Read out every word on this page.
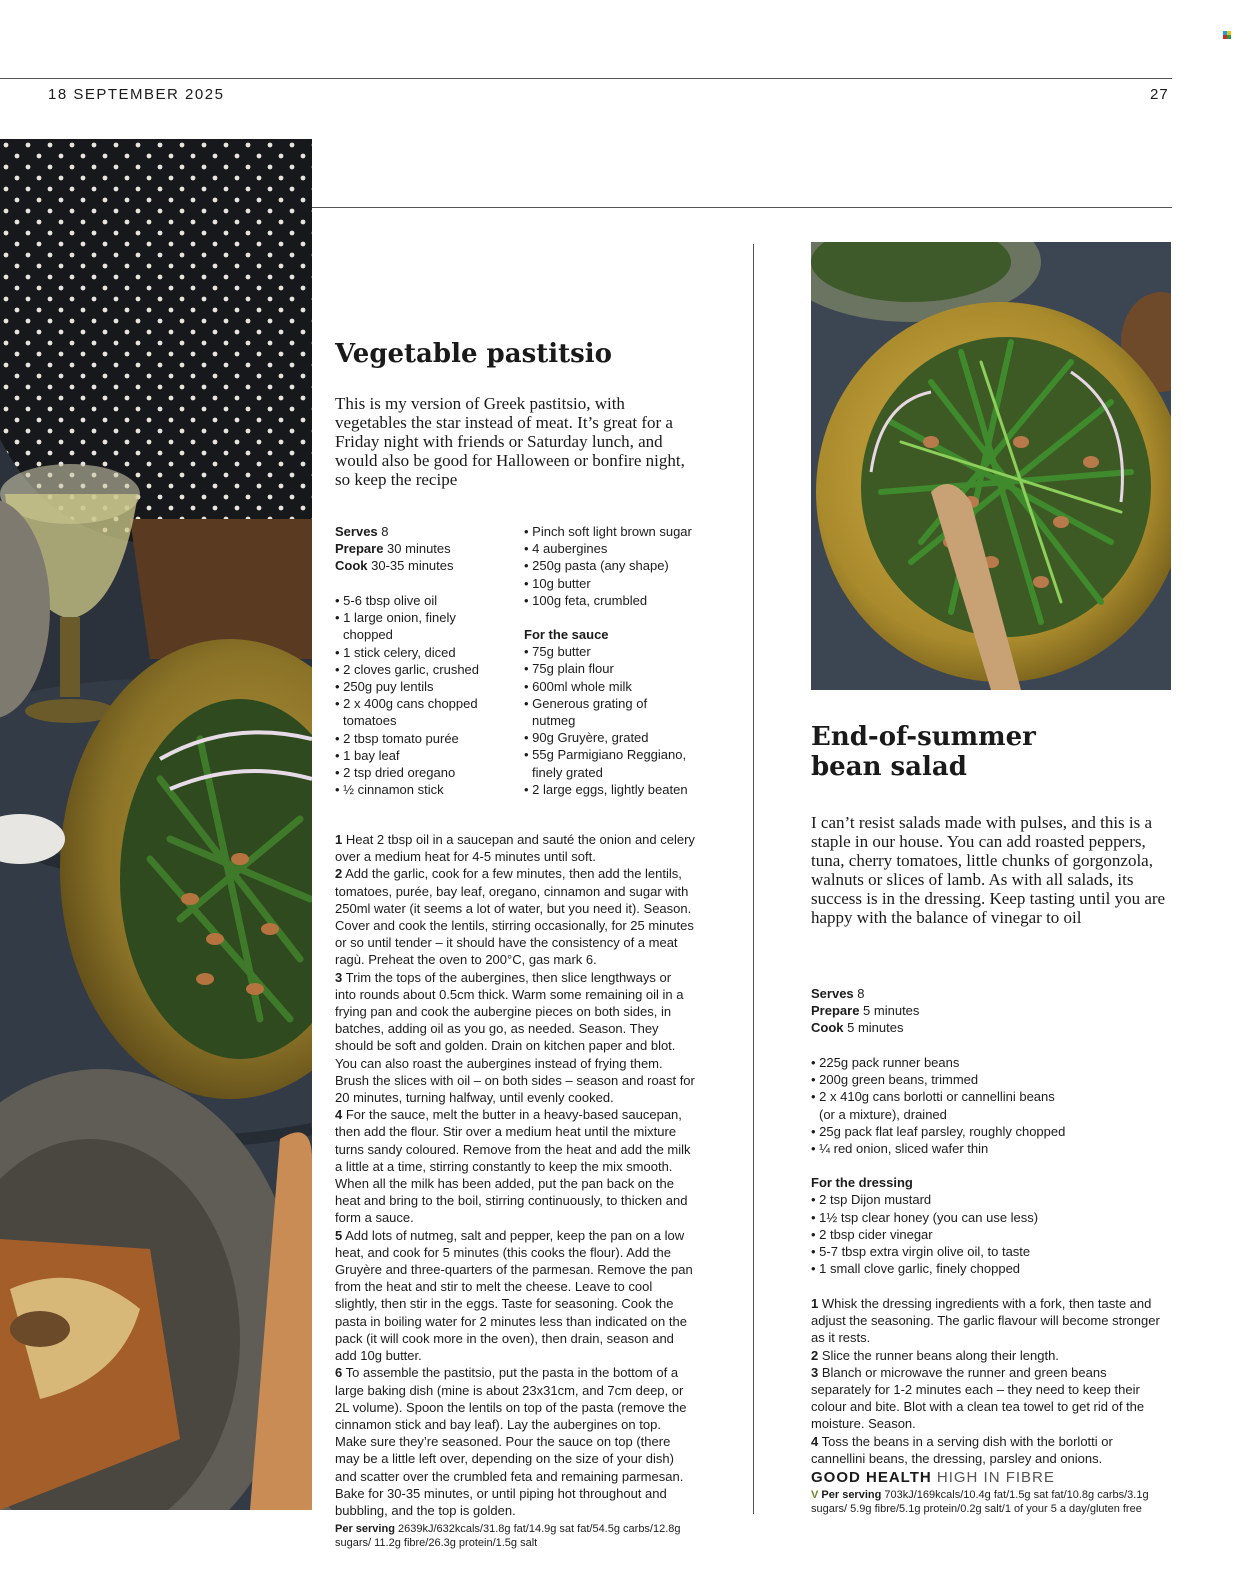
18 SEPTEMBER 2025	27
Vegetable pastitsio
This is my version of Greek pastitsio, with vegetables the star instead of meat. It’s great for a Friday night with friends or Saturday lunch, and would also be good for Halloween or bonfire night, so keep the recipe
Serves 8
Prepare 30 minutes
Cook 30-35 minutes
• 5-6 tbsp olive oil
• 1 large onion, finely chopped
• 1 stick celery, diced
• 2 cloves garlic, crushed
• 250g puy lentils
• 2 x 400g cans chopped tomatoes
• 2 tbsp tomato purée
• 1 bay leaf
• 2 tsp dried oregano
• ½ cinnamon stick
• Pinch soft light brown sugar
• 4 aubergines
• 250g pasta (any shape)
• 10g butter
• 100g feta, crumbled
For the sauce
• 75g butter
• 75g plain flour
• 600ml whole milk
• Generous grating of nutmeg
• 90g Gruyère, grated
• 55g Parmigiano Reggiano, finely grated
• 2 large eggs, lightly beaten
1 Heat 2 tbsp oil in a saucepan and sauté the onion and celery over a medium heat for 4-5 minutes until soft.
2 Add the garlic, cook for a few minutes, then add the lentils, tomatoes, purée, bay leaf, oregano, cinnamon and sugar with 250ml water (it seems a lot of water, but you need it). Season. Cover and cook the lentils, stirring occasionally, for 25 minutes or so until tender – it should have the consistency of a meat ragù. Preheat the oven to 200°C, gas mark 6.
3 Trim the tops of the aubergines, then slice lengthways or into rounds about 0.5cm thick. Warm some remaining oil in a frying pan and cook the aubergine pieces on both sides, in batches, adding oil as you go, as needed. Season. They should be soft and golden. Drain on kitchen paper and blot. You can also roast the aubergines instead of frying them. Brush the slices with oil – on both sides – season and roast for 20 minutes, turning halfway, until evenly cooked.
4 For the sauce, melt the butter in a heavy-based saucepan, then add the flour. Stir over a medium heat until the mixture turns sandy coloured. Remove from the heat and add the milk a little at a time, stirring constantly to keep the mix smooth. When all the milk has been added, put the pan back on the heat and bring to the boil, stirring continuously, to thicken and form a sauce.
5 Add lots of nutmeg, salt and pepper, keep the pan on a low heat, and cook for 5 minutes (this cooks the flour). Add the Gruyère and three-quarters of the parmesan. Remove the pan from the heat and stir to melt the cheese. Leave to cool slightly, then stir in the eggs. Taste for seasoning. Cook the pasta in boiling water for 2 minutes less than indicated on the pack (it will cook more in the oven), then drain, season and add 10g butter.
6 To assemble the pastitsio, put the pasta in the bottom of a large baking dish (mine is about 23x31cm, and 7cm deep, or 2L volume). Spoon the lentils on top of the pasta (remove the cinnamon stick and bay leaf). Lay the aubergines on top. Make sure they’re seasoned. Pour the sauce on top (there may be a little left over, depending on the size of your dish) and scatter over the crumbled feta and remaining parmesan. Bake for 30-35 minutes, or until piping hot throughout and bubbling, and the top is golden.
Per serving 2639kJ/632kcals/31.8g fat/14.9g sat fat/54.5g carbs/12.8g sugars/ 11.2g fibre/26.3g protein/1.5g salt
End-of-summer
bean salad
I can’t resist salads made with pulses, and this is a staple in our house. You can add roasted peppers, tuna, cherry tomatoes, little chunks of gorgonzola, walnuts or slices of lamb. As with all salads, its success is in the dressing. Keep tasting until you are happy with the balance of vinegar to oil
Serves 8
Prepare 5 minutes
Cook 5 minutes
• 225g pack runner beans
• 200g green beans, trimmed
• 2 x 410g cans borlotti or cannellini beans (or a mixture), drained
• 25g pack flat leaf parsley, roughly chopped
• ¼ red onion, sliced wafer thin
For the dressing
• 2 tsp Dijon mustard
• 1½ tsp clear honey (you can use less)
• 2 tbsp cider vinegar
• 5-7 tbsp extra virgin olive oil, to taste
• 1 small clove garlic, finely chopped
1 Whisk the dressing ingredients with a fork, then taste and adjust the seasoning. The garlic flavour will become stronger as it rests.
2 Slice the runner beans along their length.
3 Blanch or microwave the runner and green beans separately for 1-2 minutes each – they need to keep their colour and bite. Blot with a clean tea towel to get rid of the moisture. Season.
4 Toss the beans in a serving dish with the borlotti or cannellini beans, the dressing, parsley and onions.
GOOD HEALTH HIGH IN FIBRE
V Per serving 703kJ/169kcals/10.4g fat/1.5g sat fat/10.8g carbs/3.1g sugars/ 5.9g fibre/5.1g protein/0.2g salt/1 of your 5 a day/gluten free
